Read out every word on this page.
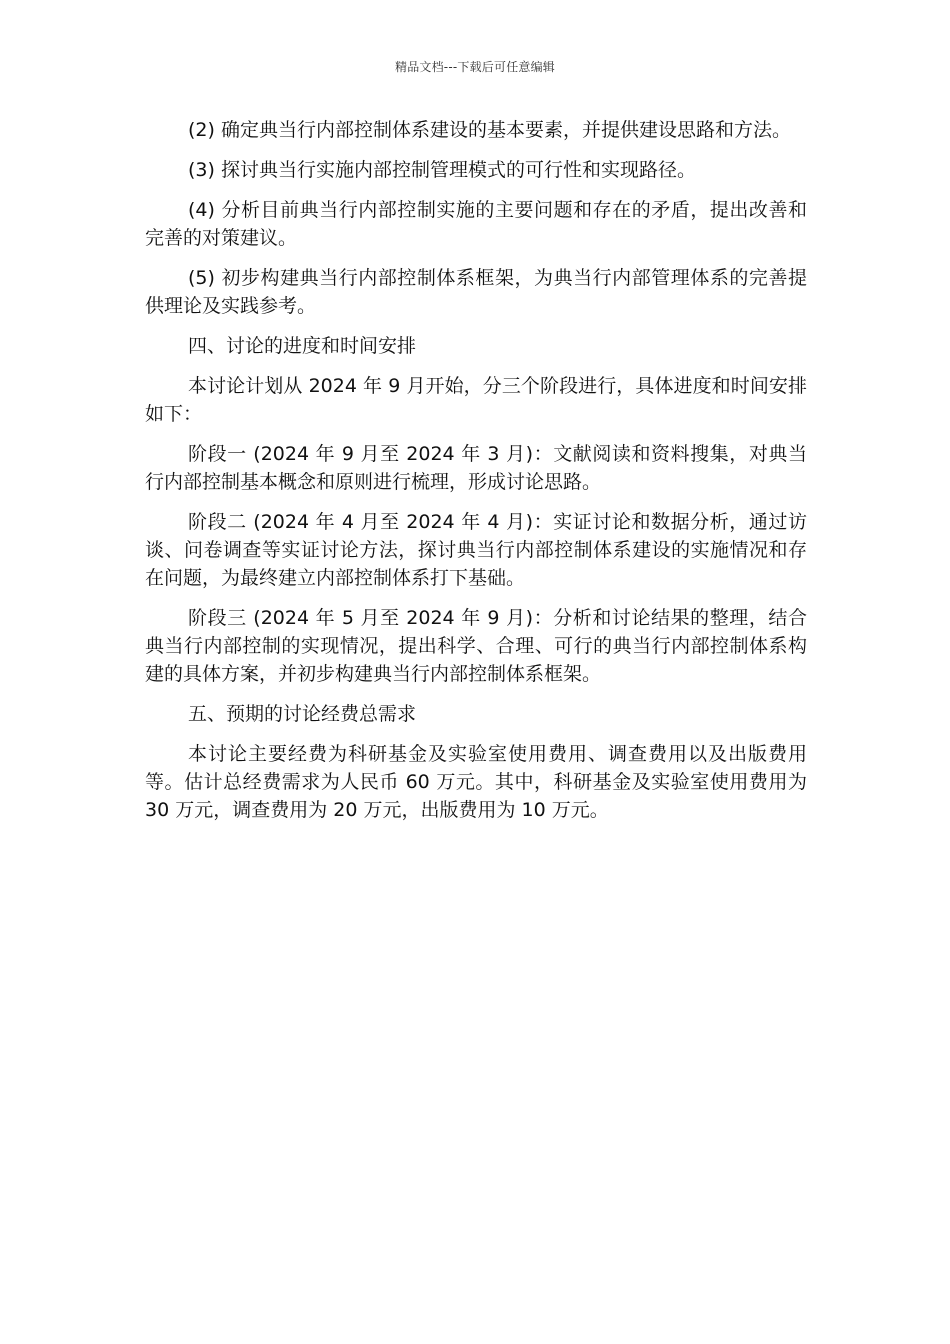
精品文档---下载后可任意编辑

(2) 确定典当行内部控制体系建设的基本要素，并提供建设思路和方法。

(3) 探讨典当行实施内部控制管理模式的可行性和实现路径。

(4) 分析目前典当行内部控制实施的主要问题和存在的矛盾，提出改善和完善的对策建议。

(5) 初步构建典当行内部控制体系框架，为典当行内部管理体系的完善提供理论及实践参考。

四、讨论的进度和时间安排

本讨论计划从 2024 年 9 月开始，分三个阶段进行，具体进度和时间安排如下：

阶段一 (2024 年 9 月至 2024 年 3 月)：文献阅读和资料搜集，对典当行内部控制基本概念和原则进行梳理，形成讨论思路。

阶段二 (2024 年 4 月至 2024 年 4 月)：实证讨论和数据分析，通过访谈、问卷调查等实证讨论方法，探讨典当行内部控制体系建设的实施情况和存在问题，为最终建立内部控制体系打下基础。

阶段三 (2024 年 5 月至 2024 年 9 月)：分析和讨论结果的整理，结合典当行内部控制的实现情况，提出科学、合理、可行的典当行内部控制体系构建的具体方案，并初步构建典当行内部控制体系框架。

五、预期的讨论经费总需求

本讨论主要经费为科研基金及实验室使用费用、调查费用以及出版费用等。估计总经费需求为人民币 60 万元。其中，科研基金及实验室使用费用为 30 万元，调查费用为 20 万元，出版费用为 10 万元。
